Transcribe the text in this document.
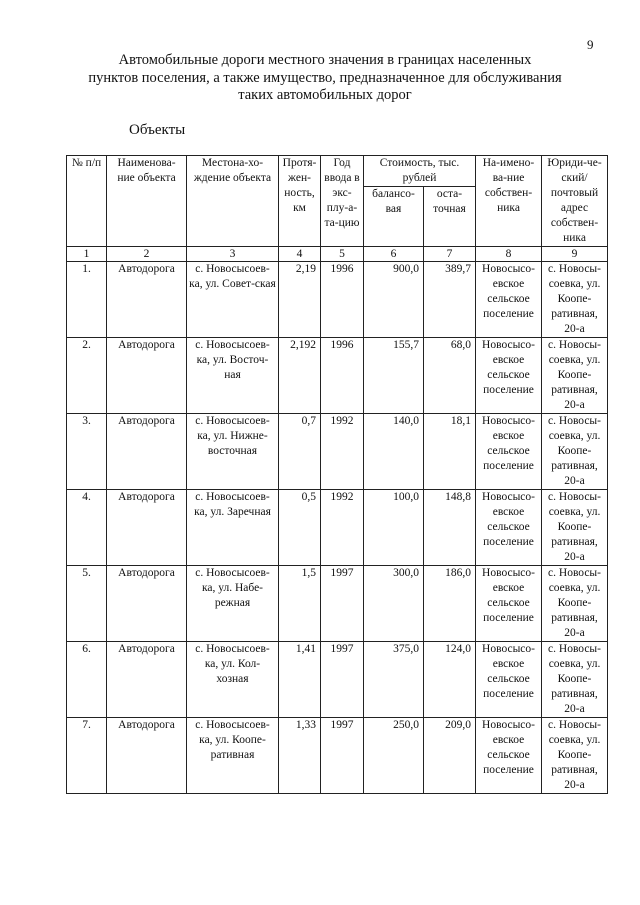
9
Автомобильные дороги местного значения в границах населенных
пунктов поселения, а также имущество, предназначенное для обслуживания
таких автомобильных дорог
Объекты
№ п/п	Наименова-ние объекта	Местона-хо-ждение объекта	Протя-жен-ность, км	Год ввода в экс-плу-а-та-цию	Стоимость, тыс. рублей		На-имено-ва-ние собствен-ника	Юриди-че-ский/ почтовый адрес собствен-ника
					балансо-вая	оста-точная		
1	2	3	4	5	6	7	8	9
1.	Автодорога	с. Новосысоев-ка, ул. Совет-ская	2,19	1996	900,0	389,7	Новосысо-евское сельское поселение	с. Новосы-соевка, ул. Коопе-ративная, 20-а
2.	Автодорога	с. Новосысоев-ка, ул. Восточ-ная	2,192	1996	155,7	68,0	Новосысо-евское сельское поселение	с. Новосы-соевка, ул. Коопе-ративная, 20-а
3.	Автодорога	с. Новосысоев-ка, ул. Нижне-восточная	0,7	1992	140,0	18,1	Новосысо-евское сельское поселение	с. Новосы-соевка, ул. Коопе-ративная, 20-а
4.	Автодорога	с. Новосысоев-ка, ул. Заречная	0,5	1992	100,0	148,8	Новосысо-евское сельское поселение	с. Новосы-соевка, ул. Коопе-ративная, 20-а
5.	Автодорога	с. Новосысоев-ка, ул. Набе-режная	1,5	1997	300,0	186,0	Новосысо-евское сельское поселение	с. Новосы-соевка, ул. Коопе-ративная, 20-а
6.	Автодорога	с. Новосысоев-ка, ул. Кол-хозная	1,41	1997	375,0	124,0	Новосысо-евское сельское поселение	с. Новосы-соевка, ул. Коопе-ративная, 20-а
7.	Автодорога	с. Новосысоев-ка, ул. Коопе-ративная	1,33	1997	250,0	209,0	Новосысо-евское сельское поселение	с. Новосы-соевка, ул. Коопе-ративная, 20-а
